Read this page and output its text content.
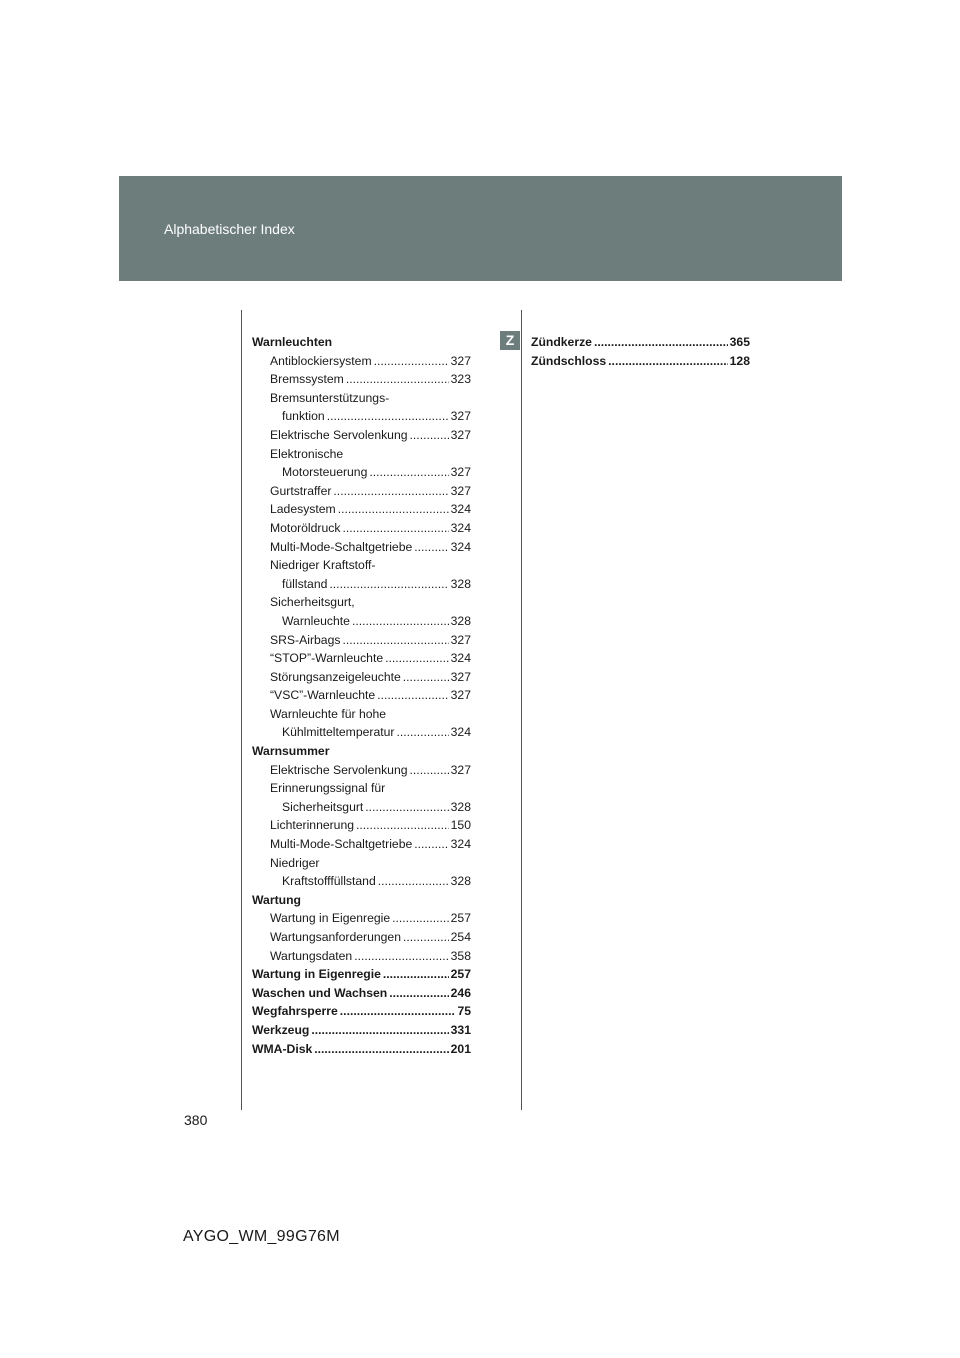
Alphabetischer Index
Warnleuchten
Antiblockiersystem .....	327
Bremssystem .....	323
Bremsunterstützungs-
funktion .....	327
Elektrische Servolenkung .....	327
Elektronische
Motorsteuerung .....	327
Gurtstraffer .....	327
Ladesystem .....	324
Motoröldruck .....	324
Multi-Mode-Schaltgetriebe .....	324
Niedriger Kraftstoff-
füllstand .....	328
Sicherheitsgurt,
Warnleuchte .....	328
SRS-Airbags .....	327
“STOP”-Warnleuchte .....	324
Störungsanzeigeleuchte .....	327
“VSC”-Warnleuchte .....	327
Warnleuchte für hohe
Kühlmitteltemperatur .....	324
Warnsummer
Elektrische Servolenkung .....	327
Erinnerungssignal für
Sicherheitsgurt .....	328
Lichterinnerung .....	150
Multi-Mode-Schaltgetriebe .....	324
Niedriger
Kraftstofffüllstand .....	328
Wartung
Wartung in Eigenregie .....	257
Wartungsanforderungen .....	254
Wartungsdaten .....	358
Wartung in Eigenregie .....	257
Waschen und Wachsen .....	246
Wegfahrsperre .....	75
Werkzeug .....	331
WMA-Disk .....	201
Z	Zündkerze .....	365
Zündschloss .....	128
380
AYGO_WM_99G76M
